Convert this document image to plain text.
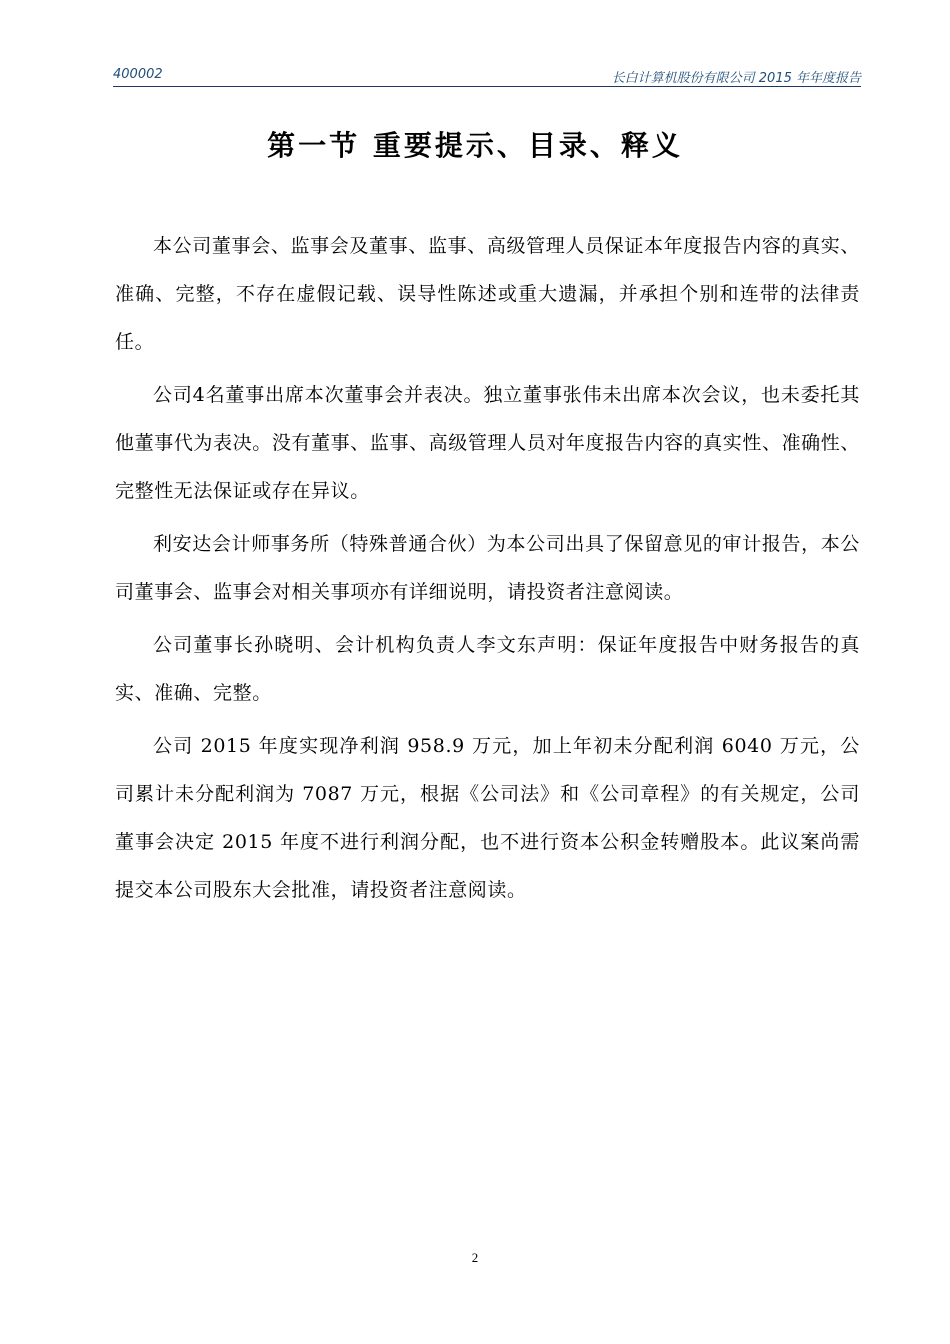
400002	长白计算机股份有限公司 2015 年年度报告
第一节 重要提示、目录、释义

本公司董事会、监事会及董事、监事、高级管理人员保证本年度报告内容的真实、准确、完整，不存在虚假记载、误导性陈述或重大遗漏，并承担个别和连带的法律责任。

公司4名董事出席本次董事会并表决。独立董事张伟未出席本次会议，也未委托其他董事代为表决。没有董事、监事、高级管理人员对年度报告内容的真实性、准确性、完整性无法保证或存在异议。

利安达会计师事务所（特殊普通合伙）为本公司出具了保留意见的审计报告，本公司董事会、监事会对相关事项亦有详细说明，请投资者注意阅读。

公司董事长孙晓明、会计机构负责人李文东声明：保证年度报告中财务报告的真实、准确、完整。

公司 2015 年度实现净利润 958.9 万元，加上年初未分配利润 6040 万元，公司累计未分配利润为 7087 万元，根据《公司法》和《公司章程》的有关规定，公司董事会决定 2015 年度不进行利润分配，也不进行资本公积金转赠股本。此议案尚需提交本公司股东大会批准，请投资者注意阅读。

2
